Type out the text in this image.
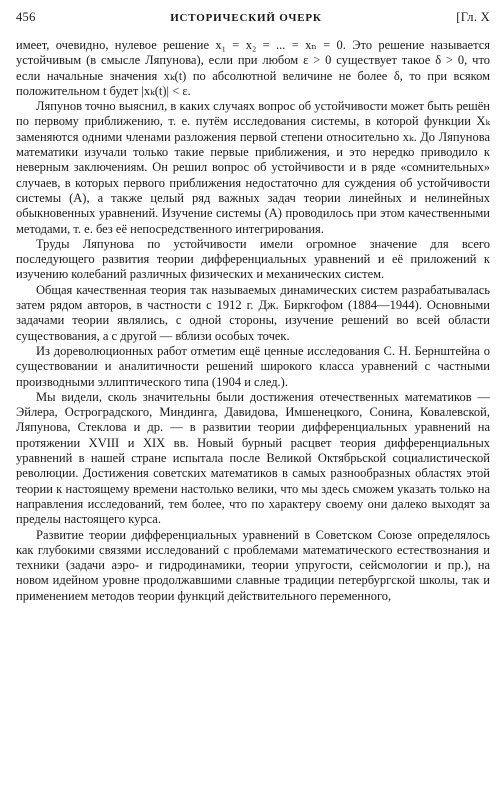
456	ИСТОРИЧЕСКИЙ ОЧЕРК	[Гл. X

имеет, очевидно, нулевое решение x₁ = x₂ = ... = xₙ = 0. Это решение называется устойчивым (в смысле Ляпунова), если при любом ε > 0 существует такое δ > 0, что если начальные значения xₖ(t) по абсолютной величине не более δ, то при всяком положительном t будет |xₖ(t)| < ε.

Ляпунов точно выяснил, в каких случаях вопрос об устойчивости может быть решён по первому приближению, т. е. путём исследования системы, в которой функции Xₖ заменяются одними членами разложения первой степени относительно xₖ. До Ляпунова математики изучали только такие первые приближения, и это нередко приводило к неверным заключениям. Он решил вопрос об устойчивости и в ряде «сомнительных» случаев, в которых первого приближения недостаточно для суждения об устойчивости системы (A), а также целый ряд важных задач теории линейных и нелинейных обыкновенных уравнений. Изучение системы (A) проводилось при этом качественными методами, т. е. без её непосредственного интегрирования.

Труды Ляпунова по устойчивости имели огромное значение для всего последующего развития теории дифференциальных уравнений и её приложений к изучению колебаний различных физических и механических систем.

Общая качественная теория так называемых динамических систем разрабатывалась затем рядом авторов, в частности с 1912 г. Дж. Биркгофом (1884—1944). Основными задачами теории являлись, с одной стороны, изучение решений во всей области существования, а с другой — вблизи особых точек.

Из дореволюционных работ отметим ещё ценные исследования С. Н. Бернштейна о существовании и аналитичности решений широкого класса уравнений с частными производными эллиптического типа (1904 и след.).

Мы видели, сколь значительны были достижения отечественных математиков — Эйлера, Остроградского, Миндинга, Давидова, Имшенецкого, Сонина, Ковалевской, Ляпунова, Стеклова и др. — в развитии теории дифференциальных уравнений на протяжении XVIII и XIX вв. Новый бурный расцвет теория дифференциальных уравнений в нашей стране испытала после Великой Октябрьской социалистической революции. Достижения советских математиков в самых разнообразных областях этой теории к настоящему времени настолько велики, что мы здесь сможем указать только на направления исследований, тем более, что по характеру своему они далеко выходят за пределы настоящего курса.

Развитие теории дифференциальных уравнений в Советском Союзе определялось как глубокими связями исследований с проблемами математического естествознания и техники (задачи аэро- и гидродинамики, теории упругости, сейсмологии и пр.), на новом идейном уровне продолжавшими славные традиции петербургской школы, так и применением методов теории функций действительного переменного,
